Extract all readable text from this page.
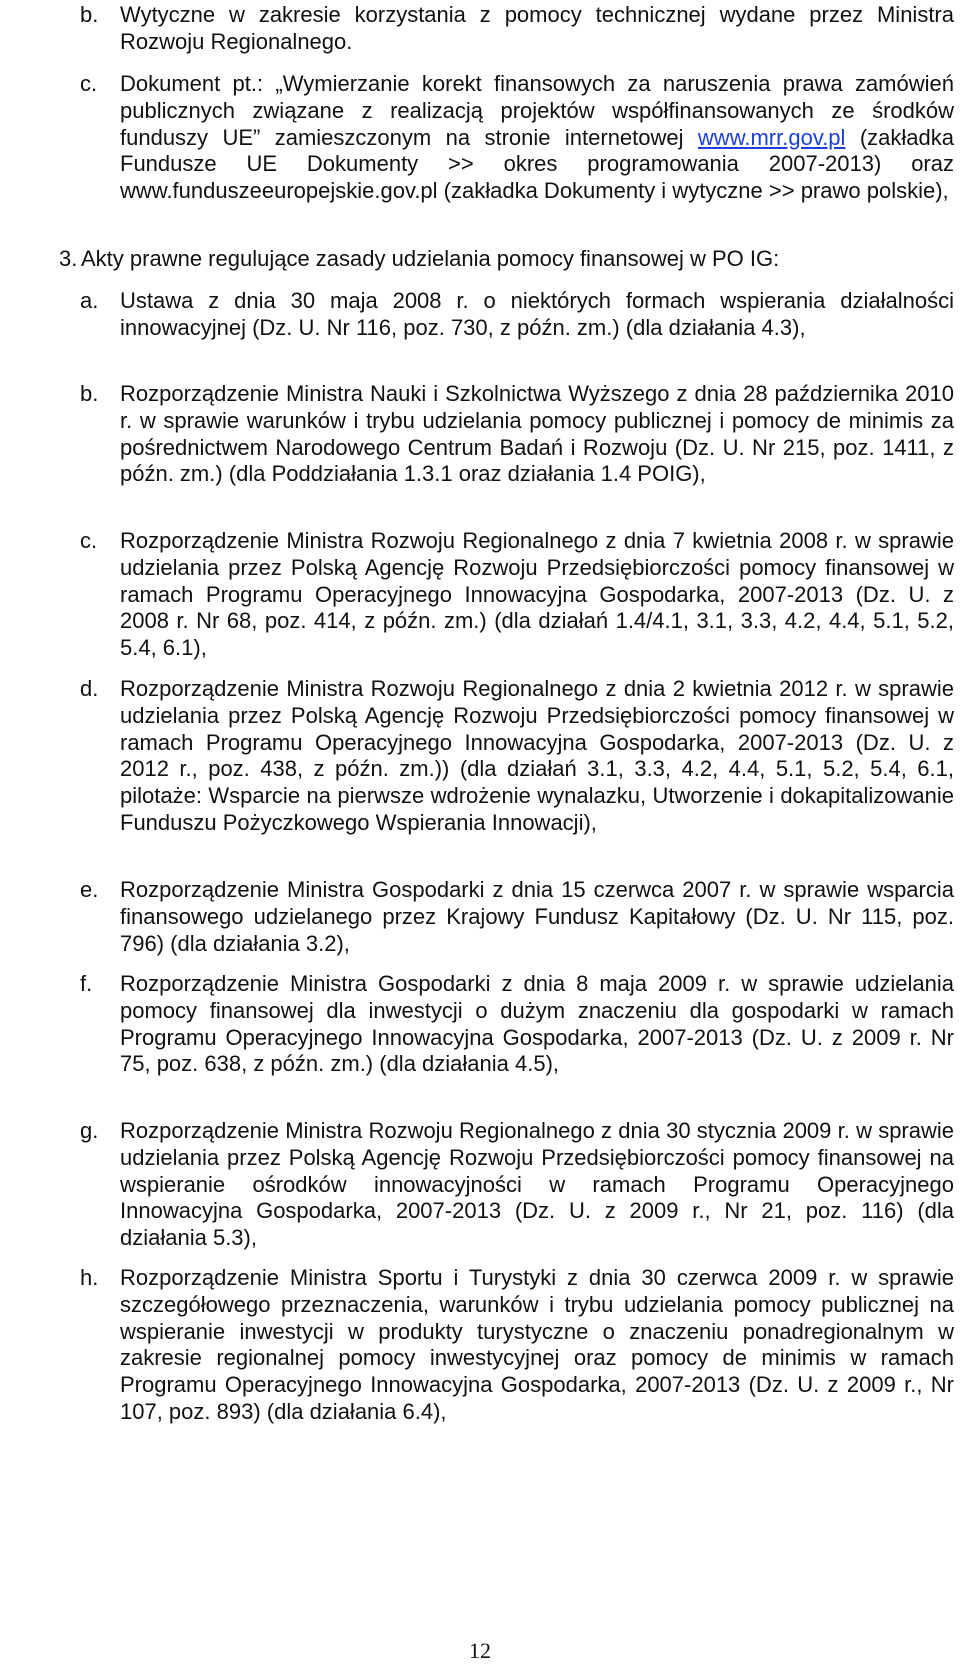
b. Wytyczne w zakresie korzystania z pomocy technicznej wydane przez Ministra Rozwoju Regionalnego.
c. Dokument pt.: „Wymierzanie korekt finansowych za naruszenia prawa zamówień publicznych związane z realizacją projektów współfinansowanych ze środków funduszy UE” zamieszczonym na stronie internetowej www.mrr.gov.pl (zakładka Fundusze UE Dokumenty >> okres programowania 2007-2013) oraz www.funduszeeuropejskie.gov.pl (zakładka Dokumenty i wytyczne >> prawo polskie),
3. Akty prawne regulujące zasady udzielania pomocy finansowej w PO IG:
a. Ustawa z dnia 30 maja 2008 r. o niektórych formach wspierania działalności innowacyjnej (Dz. U. Nr 116, poz. 730, z późn. zm.) (dla działania 4.3),
b. Rozporządzenie Ministra Nauki i Szkolnictwa Wyższego z dnia 28 października 2010 r. w sprawie warunków i trybu udzielania pomocy publicznej i pomocy de minimis za pośrednictwem Narodowego Centrum Badań i Rozwoju (Dz. U. Nr 215, poz. 1411, z późn. zm.) (dla Poddziałania 1.3.1 oraz działania 1.4 POIG),
c. Rozporządzenie Ministra Rozwoju Regionalnego z dnia 7 kwietnia 2008 r. w sprawie udzielania przez Polską Agencję Rozwoju Przedsiębiorczości pomocy finansowej w ramach Programu Operacyjnego Innowacyjna Gospodarka, 2007-2013 (Dz. U. z 2008 r. Nr 68, poz. 414, z późn. zm.) (dla działań 1.4/4.1, 3.1, 3.3, 4.2, 4.4, 5.1, 5.2, 5.4, 6.1),
d. Rozporządzenie Ministra Rozwoju Regionalnego z dnia 2 kwietnia 2012 r. w sprawie udzielania przez Polską Agencję Rozwoju Przedsiębiorczości pomocy finansowej w ramach Programu Operacyjnego Innowacyjna Gospodarka, 2007-2013 (Dz. U. z 2012 r., poz. 438, z późn. zm.)) (dla działań 3.1, 3.3, 4.2, 4.4, 5.1, 5.2, 5.4, 6.1, pilotaże: Wsparcie na pierwsze wdrożenie wynalazku, Utworzenie i dokapitalizowanie Funduszu Pożyczkowego Wspierania Innowacji),
e. Rozporządzenie Ministra Gospodarki z dnia 15 czerwca 2007 r. w sprawie wsparcia finansowego udzielanego przez Krajowy Fundusz Kapitałowy (Dz. U. Nr 115, poz. 796) (dla działania 3.2),
f. Rozporządzenie Ministra Gospodarki z dnia 8 maja 2009 r. w sprawie udzielania pomocy finansowej dla inwestycji o dużym znaczeniu dla gospodarki w ramach Programu Operacyjnego Innowacyjna Gospodarka, 2007-2013 (Dz. U. z 2009 r. Nr 75, poz. 638, z późn. zm.) (dla działania 4.5),
g. Rozporządzenie Ministra Rozwoju Regionalnego z dnia 30 stycznia 2009 r. w sprawie udzielania przez Polską Agencję Rozwoju Przedsiębiorczości pomocy finansowej na wspieranie ośrodków innowacyjności w ramach Programu Operacyjnego Innowacyjna Gospodarka, 2007-2013 (Dz. U. z 2009 r., Nr 21, poz. 116) (dla działania 5.3),
h. Rozporządzenie Ministra Sportu i Turystyki z dnia 30 czerwca 2009 r. w sprawie szczegółowego przeznaczenia, warunków i trybu udzielania pomocy publicznej na wspieranie inwestycji w produkty turystyczne o znaczeniu ponadregionalnym w zakresie regionalnej pomocy inwestycyjnej oraz pomocy de minimis w ramach Programu Operacyjnego Innowacyjna Gospodarka, 2007-2013 (Dz. U. z 2009 r., Nr 107, poz. 893) (dla działania 6.4),
12
